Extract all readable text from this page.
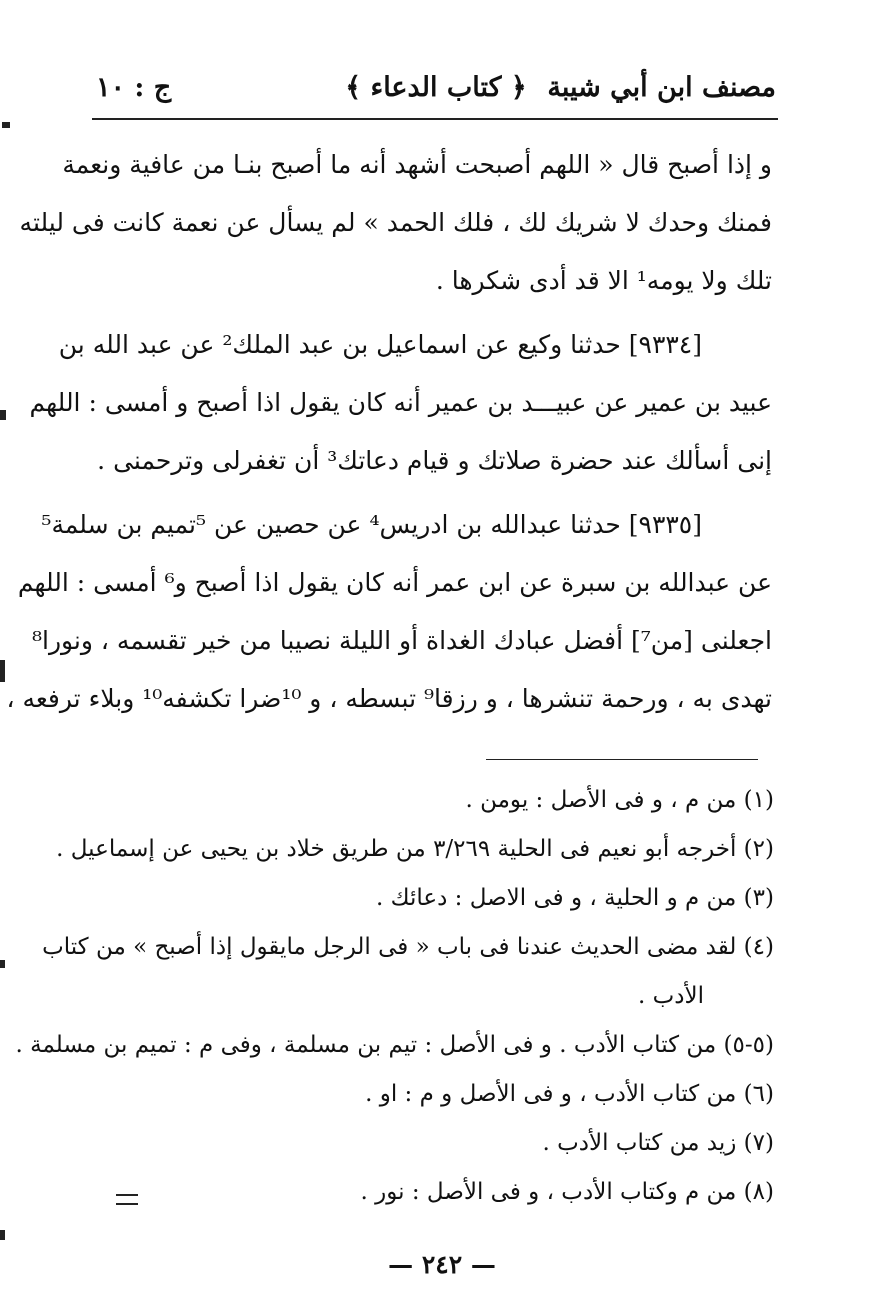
مصنف ابن أبي شيبة
﴿ كتاب الدعاء ﴾
ج : ١٠
و إذا أصبح قال « اللهم أصبحت أشهد أنه ما أصبح بنـا من عافية ونعمة
فمنك وحدك لا شريك لك ، فلك الحمد » لم يسأل عن نعمة كانت فى ليلته
تلك ولا يومه¹ الا قد أدى شكرها .
[٩٣٣٤] حدثنا وكيع عن اسماعيل بن عبد الملك² عن عبد الله بن
عبيد بن عمير عن عبيـــد بن عمير أنه كان يقول اذا أصبح و أمسى : اللهم
إنى أسألك عند حضرة صلاتك و قيام دعاتك³ أن تغفرلى وترحمنى .
[٩٣٣٥] حدثنا عبدالله بن ادريس⁴ عن حصين عن ⁵تميم بن سلمة⁵
عن عبدالله بن سبرة عن ابن عمر أنه كان يقول اذا أصبح و⁶ أمسى : اللهم
اجعلنى [من⁷] أفضل عبادك الغداة أو الليلة نصيبا من خير تقسمه ، ونورا⁸
تهدى به ، ورحمة تنشرها ، و رزقا⁹ تبسطه ، و ¹⁰ضرا تكشفه¹⁰ وبلاء ترفعه ،
(١) من م ، و فى الأصل : يومن .
(٢) أخرجه أبو نعيم فى الحلية ٣/٢٦٩ من طريق خلاد بن يحيى عن إسماعيل .
(٣) من م و الحلية ، و فى الاصل : دعائك .
(٤) لقد مضى الحديث عندنا فى باب « فى الرجل مايقول إذا أصبح » من كتاب
الأدب .
(٥-٥) من كتاب الأدب . و فى الأصل : تيم بن مسلمة ، وفى م : تميم بن مسلمة .
(٦) من كتاب الأدب ، و فى الأصل و م : او .
(٧) زيد من كتاب الأدب .
(٨) من م وكتاب الأدب ، و فى الأصل : نور .
— ٢٤٢ —
